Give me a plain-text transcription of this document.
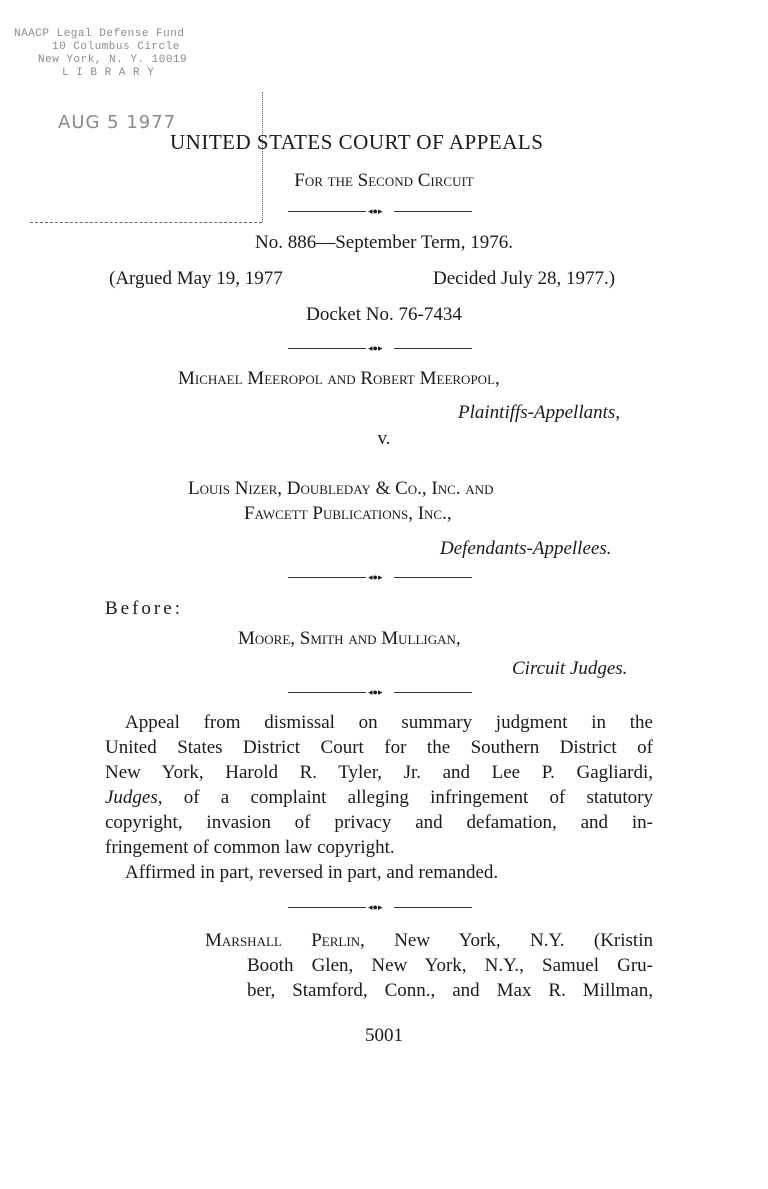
NAACP Legal Defense Fund
10 Columbus Circle
New York, N. Y. 10019
L I B R A R Y
AUG 5 1977
UNITED STATES COURT OF APPEALS
For the Second Circuit
◂●▸
No. 886—September Term, 1976.
(Argued May 19, 1977	Decided July 28, 1977.)
Docket No. 76-7434
◂●▸
Michael Meeropol and Robert Meeropol,
Plaintiffs-Appellants,
v.
Louis Nizer, Doubleday & Co., Inc. and
Fawcett Publications, Inc.,
Defendants-Appellees.
◂●▸
Before:
Moore, Smith and Mulligan,
Circuit Judges.
◂●▸
Appeal from dismissal on summary judgment in the
United States District Court for the Southern District of
New York, Harold R. Tyler, Jr. and Lee P. Gagliardi,
Judges, of a complaint alleging infringement of statutory
copyright, invasion of privacy and defamation, and in-
fringement of common law copyright.
Affirmed in part, reversed in part, and remanded.
◂●▸
Marshall Perlin, New York, N.Y. (Kristin
Booth Glen, New York, N.Y., Samuel Gru-
ber, Stamford, Conn., and Max R. Millman,
5001
